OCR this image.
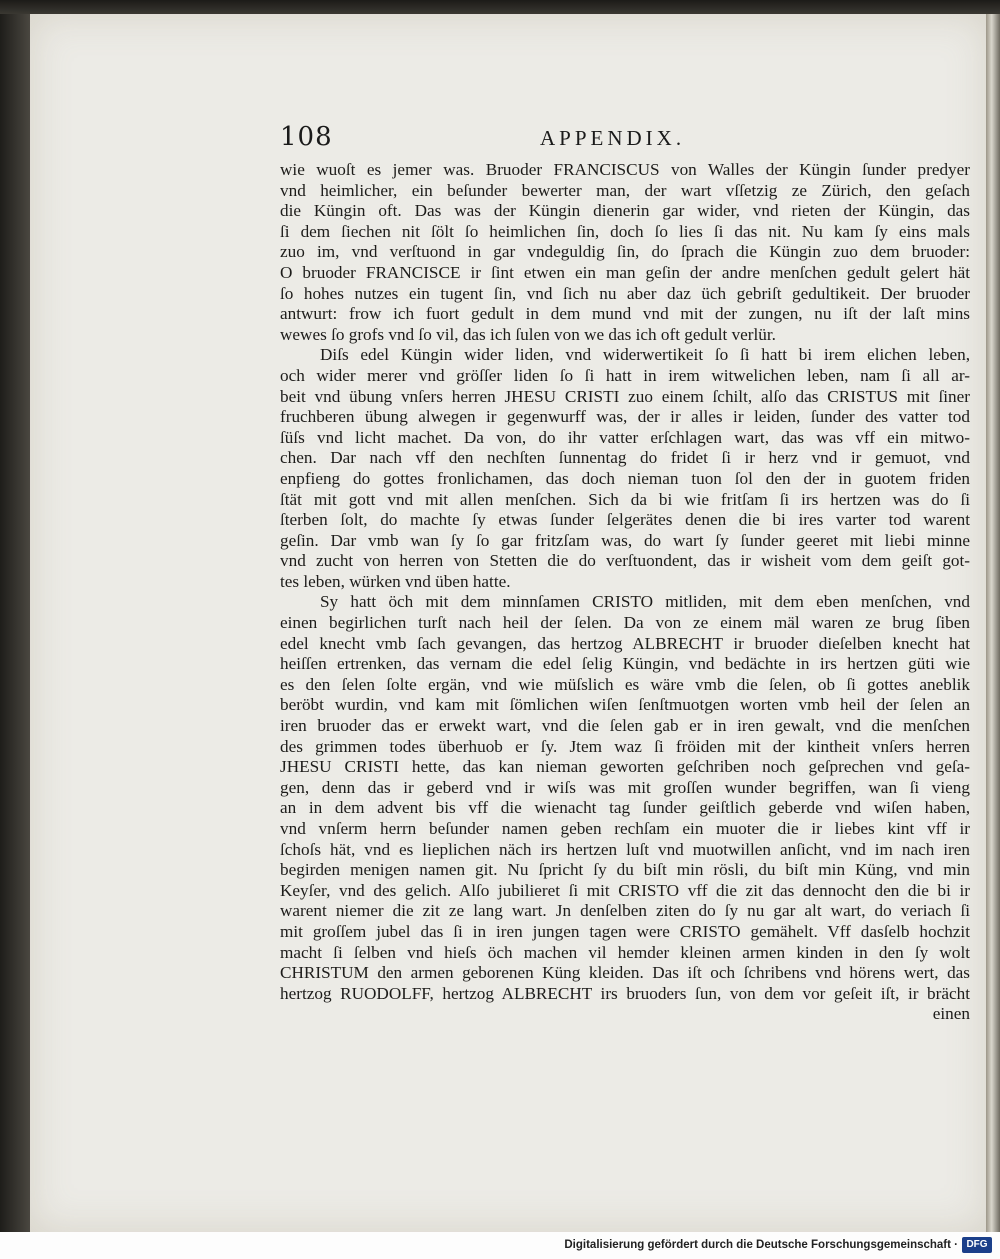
108	APPENDIX.
wie wuoſt es jemer was. Bruoder FRANCISCUS von Walles der Küngin ſunder predyer
vnd heimlicher, ein beſunder bewerter man, der wart vſſetzig ze Zürich, den geſach
die Küngin oft. Das was der Küngin dienerin gar wider, vnd rieten der Küngin, das
ſi dem ſiechen nit ſölt ſo heimlichen ſin, doch ſo lies ſi das nit. Nu kam ſy eins mals
zuo im, vnd verſtuond in gar vndeguldig ſin, do ſprach die Küngin zuo dem bruoder:
O bruoder FRANCISCE ir ſint etwen ein man geſin der andre menſchen gedult gelert hät
ſo hohes nutzes ein tugent ſin, vnd ſich nu aber daz üch gebriſt gedultikeit. Der bruoder
antwurt: frow ich fuort gedult in dem mund vnd mit der zungen, nu iſt der laſt mins
wewes ſo grofs vnd ſo vil, das ich ſulen von we das ich oft gedult verlür.
Diſs edel Küngin wider liden, vnd widerwertikeit ſo ſi hatt bi irem elichen leben,
och wider merer vnd gröſſer liden ſo ſi hatt in irem witwelichen leben, nam ſi all ar-
beit vnd übung vnſers herren JHESU CRISTI zuo einem ſchilt, alſo das CRISTUS mit ſiner
fruchberen übung alwegen ir gegenwurff was, der ir alles ir leiden, ſunder des vatter tod
ſüſs vnd licht machet. Da von, do ihr vatter erſchlagen wart, das was vff ein mitwo-
chen. Dar nach vff den nechſten ſunnentag do fridet ſi ir herz vnd ir gemuot, vnd
enpfieng do gottes fronlichamen, das doch nieman tuon ſol den der in guotem friden
ſtät mit gott vnd mit allen menſchen. Sich da bi wie fritſam ſi irs hertzen was do ſi
ſterben ſolt, do machte ſy etwas ſunder ſelgerätes denen die bi ires varter tod warent
geſin. Dar vmb wan ſy ſo gar fritzſam was, do wart ſy ſunder geeret mit liebi minne
vnd zucht von herren von Stetten die do verſtuondent, das ir wisheit vom dem geiſt got-
tes leben, würken vnd üben hatte.
Sy hatt öch mit dem minnſamen CRISTO mitliden, mit dem eben menſchen, vnd
einen begirlichen turſt nach heil der ſelen. Da von ze einem mäl waren ze brug ſiben
edel knecht vmb ſach gevangen, das hertzog ALBRECHT ir bruoder dieſelben knecht hat
heiſſen ertrenken, das vernam die edel ſelig Küngin, vnd bedächte in irs hertzen güti wie
es den ſelen ſolte ergän, vnd wie müſslich es wäre vmb die ſelen, ob ſi gottes aneblik
beröbt wurdin, vnd kam mit ſömlichen wiſen ſenſtmuotgen worten vmb heil der ſelen an
iren bruoder das er erwekt wart, vnd die ſelen gab er in iren gewalt, vnd die menſchen
des grimmen todes überhuob er ſy. Jtem waz ſi fröiden mit der kintheit vnſers herren
JHESU CRISTI hette, das kan nieman geworten geſchriben noch geſprechen vnd geſa-
gen, denn das ir geberd vnd ir wiſs was mit groſſen wunder begriffen, wan ſi vieng
an in dem advent bis vff die wienacht tag ſunder geiſtlich geberde vnd wiſen haben,
vnd vnſerm herrn beſunder namen geben rechſam ein muoter die ir liebes kint vff ir
ſchoſs hät, vnd es lieplichen näch irs hertzen luſt vnd muotwillen anſicht, vnd im nach iren
begirden menigen namen git. Nu ſpricht ſy du biſt min rösli, du biſt min Küng, vnd min
Keyſer, vnd des gelich. Alſo jubilieret ſi mit CRISTO vff die zit das dennocht den die bi ir
warent niemer die zit ze lang wart. Jn denſelben ziten do ſy nu gar alt wart, do veriach ſi
mit groſſem jubel das ſi in iren jungen tagen were CRISTO gemähelt. Vff dasſelb hochzit
macht ſi ſelben vnd hieſs öch machen vil hemder kleinen armen kinden in den ſy wolt
CHRISTUM den armen geborenen Küng kleiden. Das iſt och ſchribens vnd hörens wert, das
hertzog RUODOLFF, hertzog ALBRECHT irs bruoders ſun, von dem vor geſeit iſt, ir brächt
einen
Digitalisierung gefördert durch die Deutsche Forschungsgemeinschaft · DFG
